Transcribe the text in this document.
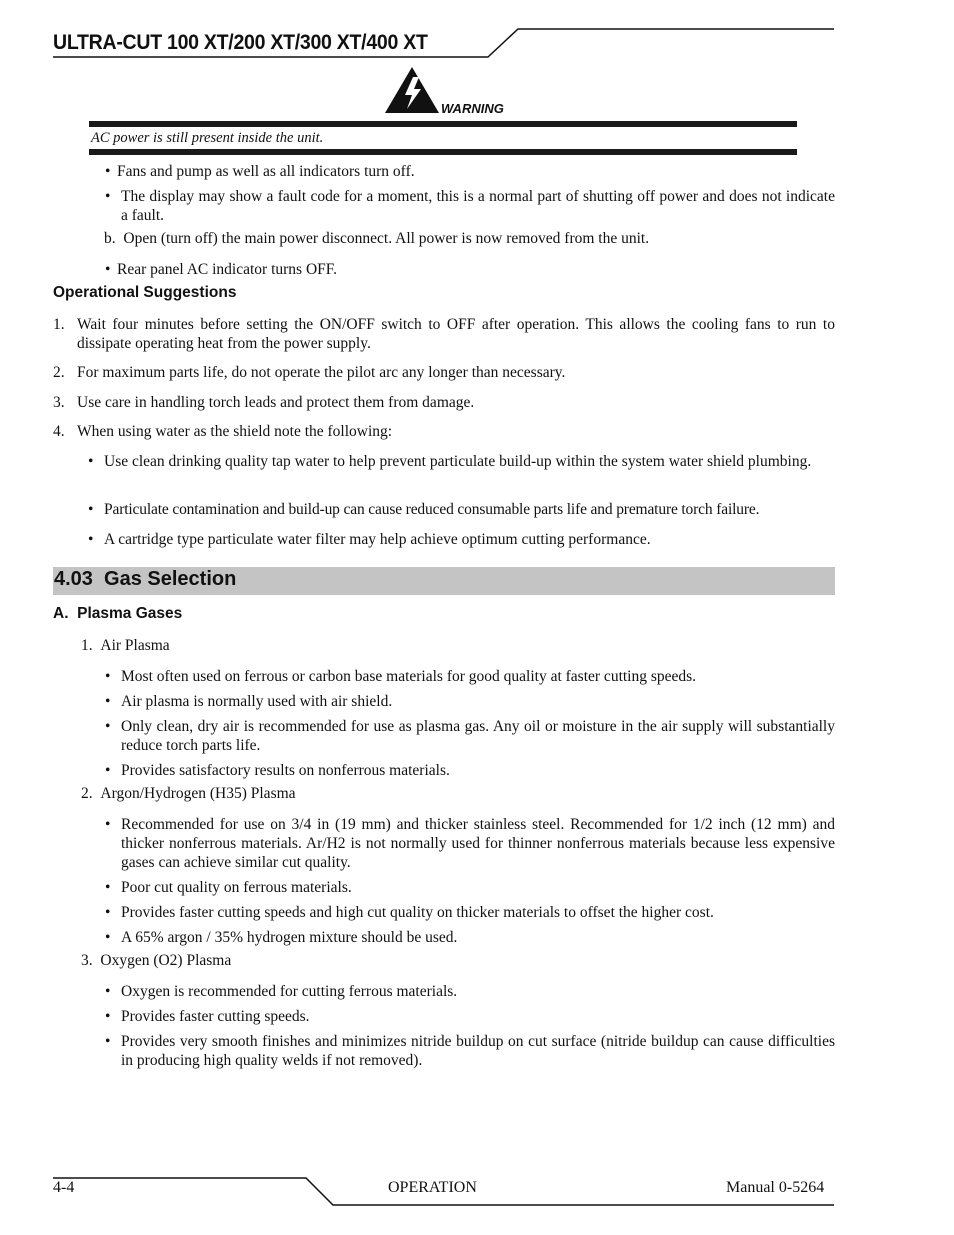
ULTRA-CUT 100 XT/200 XT/300 XT/400 XT
WARNING
AC power is still present inside the unit.
• Fans and pump as well as all indicators turn off.
• The display may show a fault code for a moment, this is a normal part of shutting off power and does not indicate a fault.
b. Open (turn off) the main power disconnect. All power is now removed from the unit.
• Rear panel AC indicator turns OFF.
Operational Suggestions
1. Wait four minutes before setting the ON/OFF switch to OFF after operation. This allows the cooling fans to run to dissipate operating heat from the power supply.
2. For maximum parts life, do not operate the pilot arc any longer than necessary.
3. Use care in handling torch leads and protect them from damage.
4. When using water as the shield note the following:
• Use clean drinking quality tap water to help prevent particulate build-up within the system water shield plumbing.
• Particulate contamination and build-up can cause reduced consumable parts life and premature torch failure.
• A cartridge type particulate water filter may help achieve optimum cutting performance.
4.03  Gas Selection
A.  Plasma Gases
1. Air Plasma
• Most often used on ferrous or carbon base materials for good quality at faster cutting speeds.
• Air plasma is normally used with air shield.
• Only clean, dry air is recommended for use as plasma gas. Any oil or moisture in the air supply will substantially reduce torch parts life.
• Provides satisfactory results on nonferrous materials.
2. Argon/Hydrogen (H35) Plasma
• Recommended for use on 3/4 in (19 mm) and thicker stainless steel. Recommended for 1/2 inch (12 mm) and thicker nonferrous materials. Ar/H2 is not normally used for thinner nonferrous materials because less expensive gases can achieve similar cut quality.
• Poor cut quality on ferrous materials.
• Provides faster cutting speeds and high cut quality on thicker materials to offset the higher cost.
• A 65% argon / 35% hydrogen mixture should be used.
3. Oxygen (O2) Plasma
• Oxygen is recommended for cutting ferrous materials.
• Provides faster cutting speeds.
• Provides very smooth finishes and minimizes nitride buildup on cut surface (nitride buildup can cause difficulties in producing high quality welds if not removed).
4-4	OPERATION	Manual 0-5264
